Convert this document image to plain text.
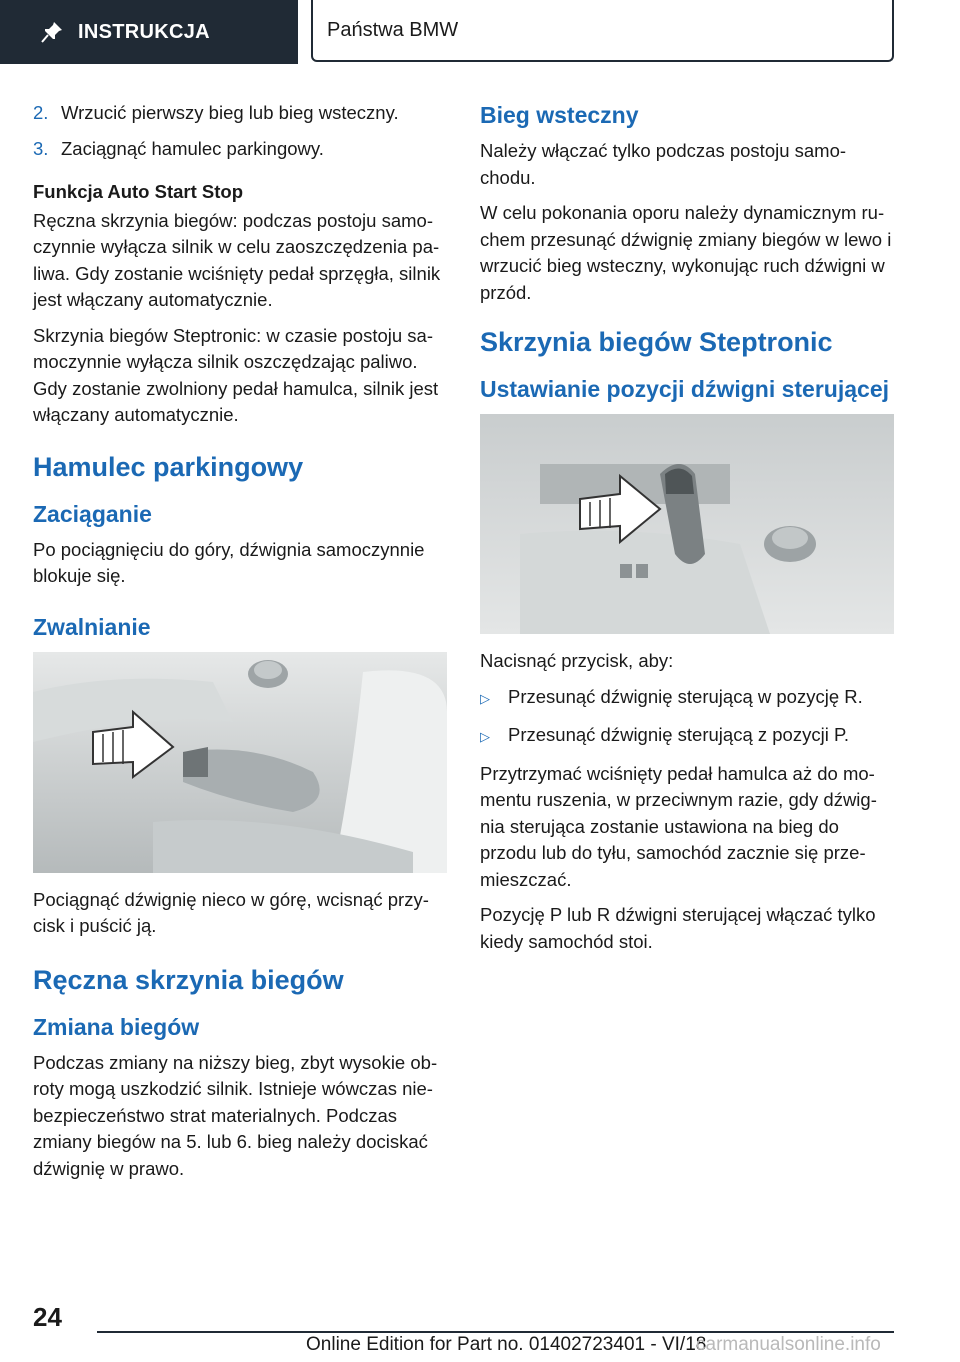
INSTRUKCJA	Państwa BMW
2. Wrzucić pierwszy bieg lub bieg wsteczny.
3. Zaciągnąć hamulec parkingowy.
Funkcja Auto Start Stop

Ręczna skrzynia biegów: podczas postoju samoczynnie wyłącza silnik w celu zaoszczędzenia paliwa. Gdy zostanie wciśnięty pedał sprzęgła, silnik jest włączany automatycznie.

Skrzynia biegów Steptronic: w czasie postoju samoczynnie wyłącza silnik oszczędzając paliwo. Gdy zostanie zwolniony pedał hamulca, silnik jest włączany automatycznie.

Hamulec parkingowy
Zaciąganie

Po pociągnięciu do góry, dźwignia samoczynnie blokuje się.

Zwalnianie

Pociągnąć dźwignię nieco w górę, wcisnąć przycisk i puścić ją.

Ręczna skrzynia biegów
Zmiana biegów

Podczas zmiany na niższy bieg, zbyt wysokie obroty mogą uszkodzić silnik. Istnieje wówczas niebezpieczeństwo strat materialnych. Podczas zmiany biegów na 5. lub 6. bieg należy dociskać dźwignię w prawo.

Bieg wsteczny

Należy włączać tylko podczas postoju samochodu.

W celu pokonania oporu należy dynamicznym ruchem przesunąć dźwignię zmiany biegów w lewo i wrzucić bieg wsteczny, wykonując ruch dźwigni w przód.

Skrzynia biegów Steptronic
Ustawianie pozycji dźwigni sterującej

Nacisnąć przycisk, aby:

▷ Przesunąć dźwignię sterującą w pozycję R.
▷ Przesunąć dźwignię sterującą z pozycji P.

Przytrzymać wciśnięty pedał hamulca aż do momentu ruszenia, w przeciwnym razie, gdy dźwignia sterująca zostanie ustawiona na bieg do przodu lub do tyłu, samochód zacznie się przemieszczać.

Pozycję P lub R dźwigni sterującej włączać tylko kiedy samochód stoi.

24
Online Edition for Part no. 01402723401 - VI/18
carmanualsonline.info
